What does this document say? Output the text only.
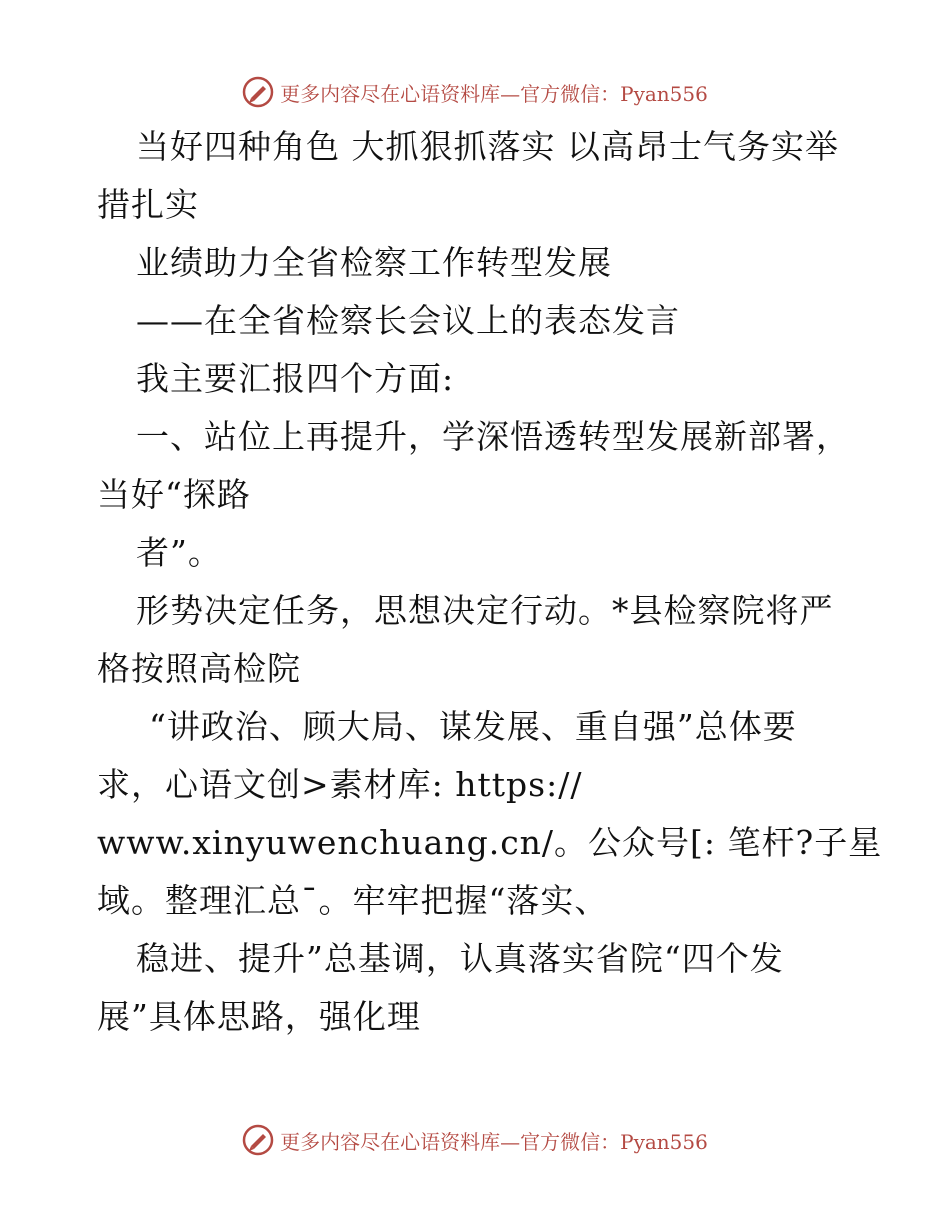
更多内容尽在心语资料库—官方微信：Pyan556
当好四种角色 大抓狠抓落实 以高昂士气务实举
措扎实
业绩助力全省检察工作转型发展
——在全省检察长会议上的表态发言
我主要汇报四个方面:
一、站位上再提升，学深悟透转型发展新部署，
当好“探路
者”。
形势决定任务，思想决定行动。*县检察院将严
格按照高检院
“讲政治、顾大局、谋发展、重自强”总体要
求，心语文创>素材库: https://
www.xinyuwenchuang.cn/。公众号[: 笔杆?子星
域。整理汇总¯。牢牢把握“落实、
稳进、提升”总基调，认真落实省院“四个发
展”具体思路，强化理
更多内容尽在心语资料库—官方微信：Pyan556
